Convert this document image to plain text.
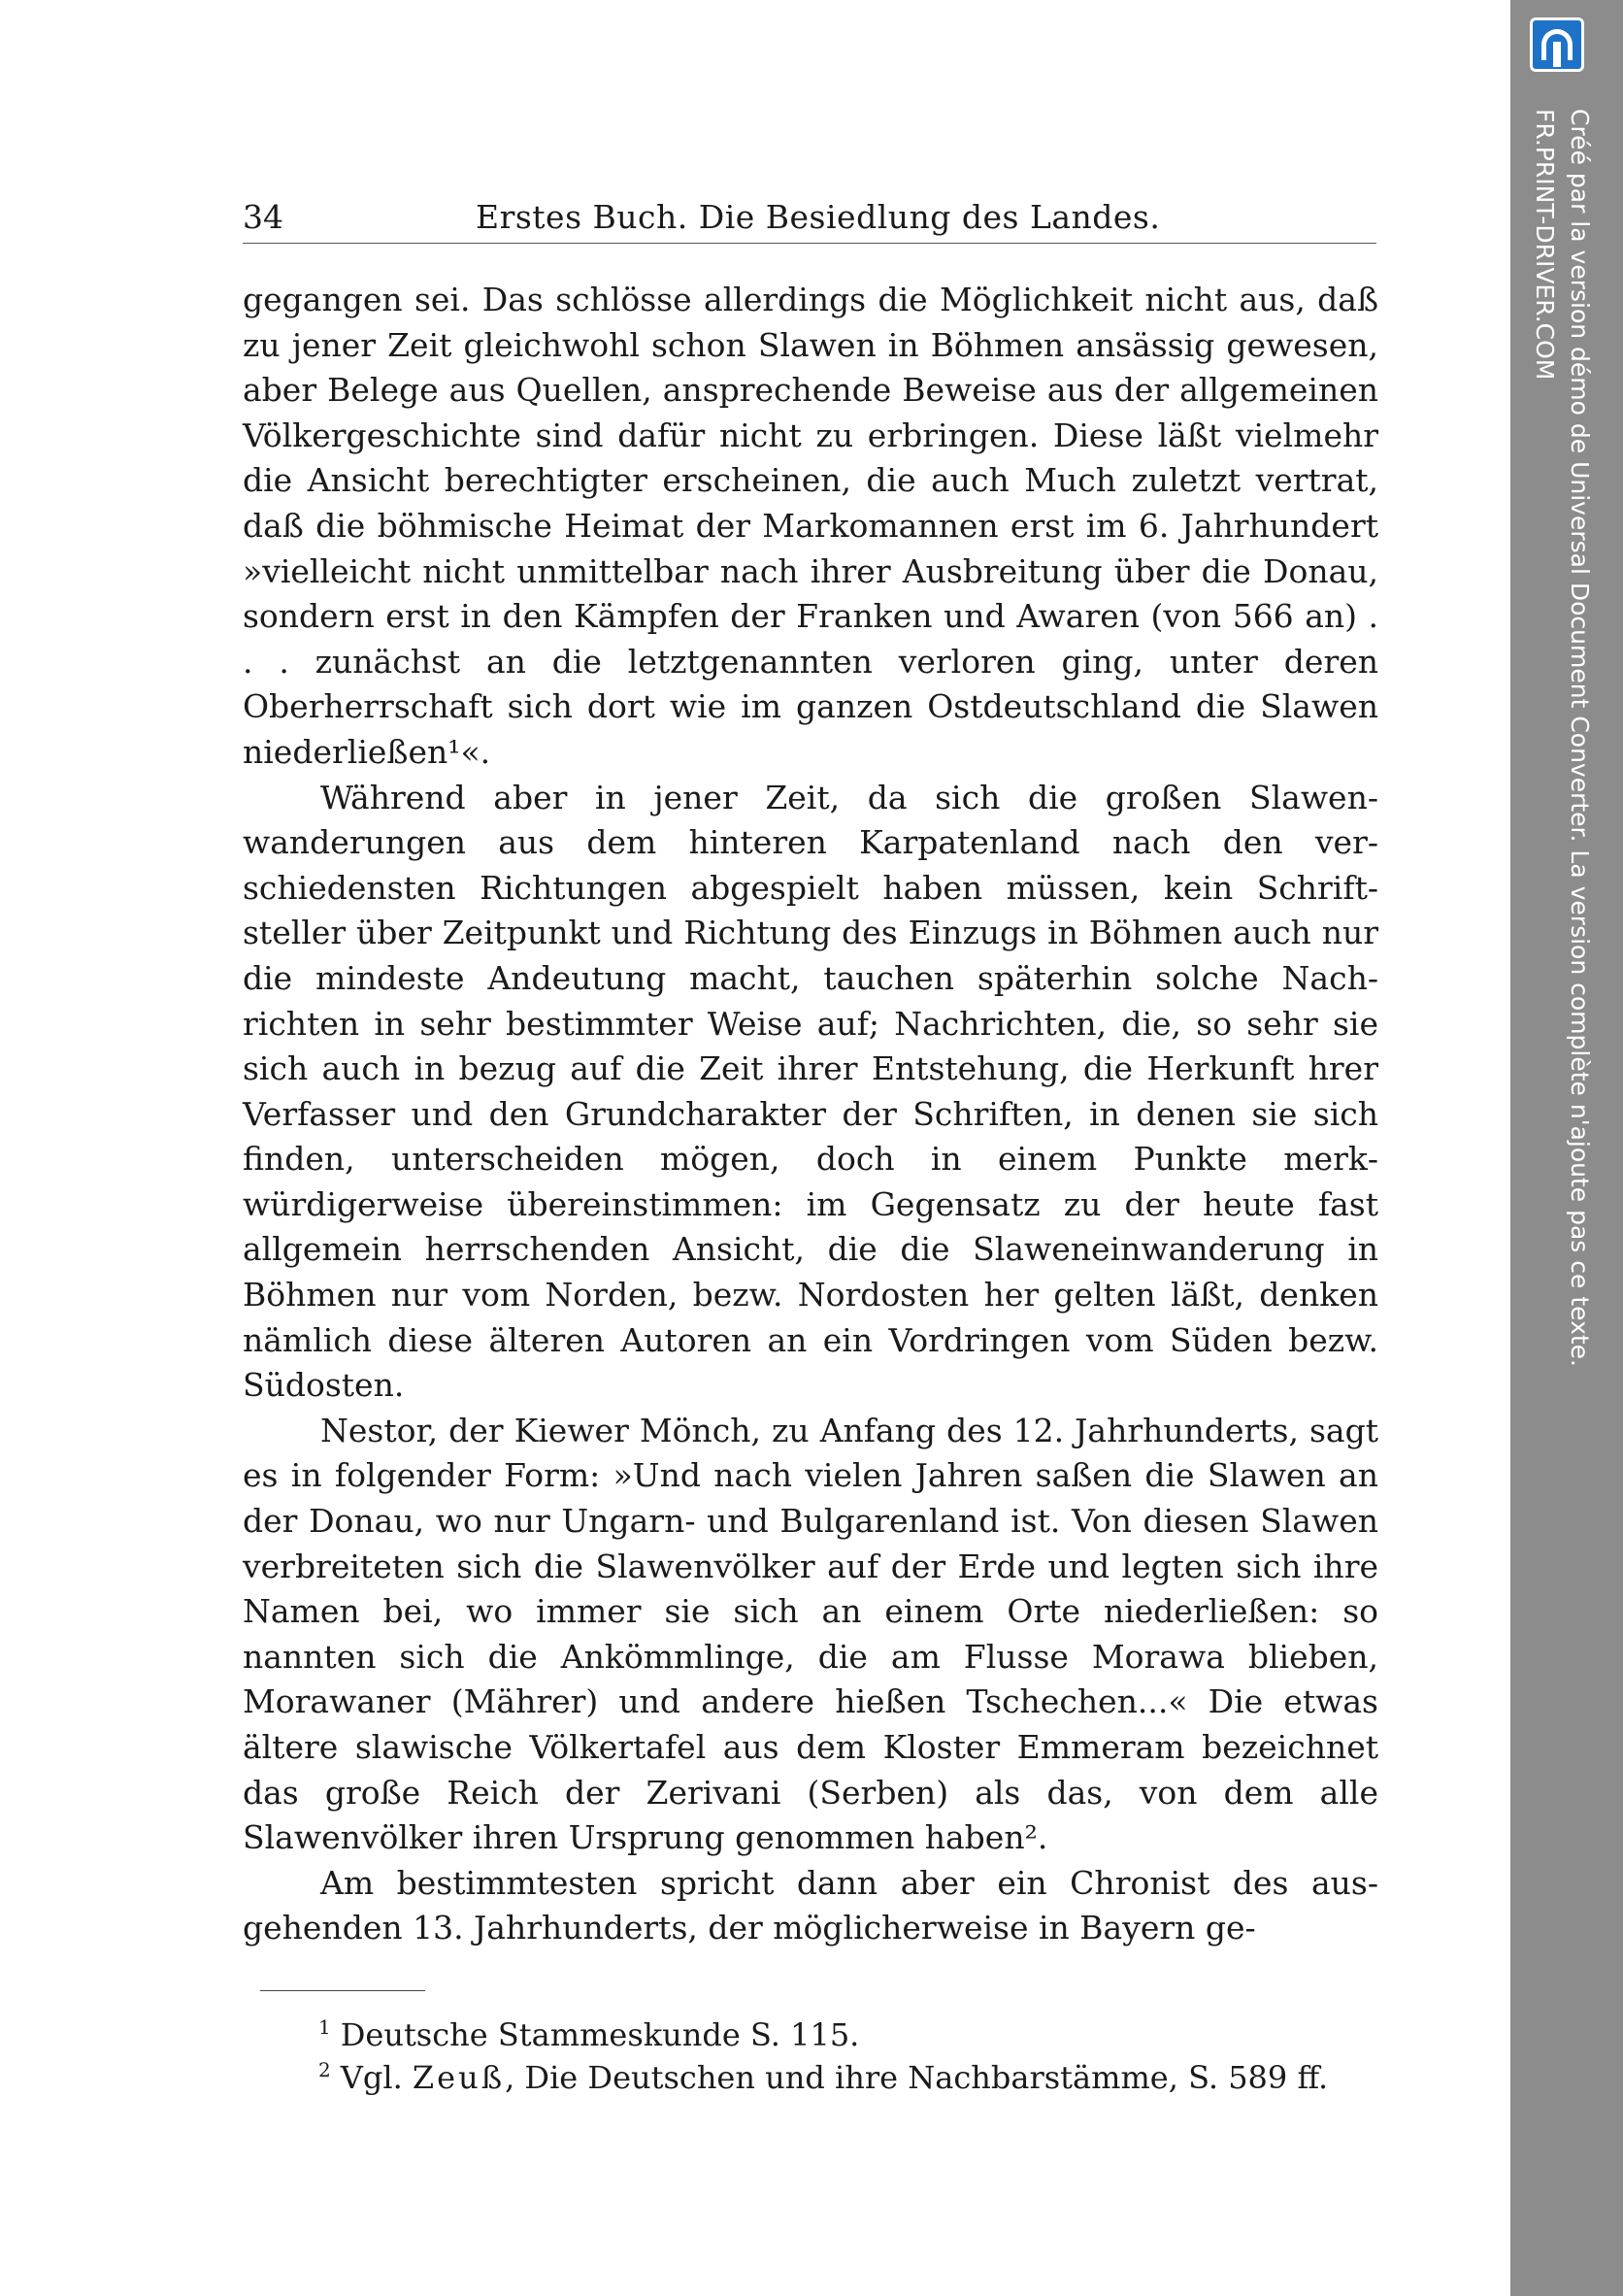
34	Erstes Buch. Die Besiedlung des Landes.

gegangen sei. Das schlösse allerdings die Möglichkeit nicht aus, daß zu jener Zeit gleichwohl schon Slawen in Böhmen ansässig gewesen, aber Belege aus Quellen, ansprechende Beweise aus der allgemeinen Völkergeschichte sind dafür nicht zu erbringen. Diese läßt vielmehr die Ansicht berechtigter erscheinen, die auch Much zuletzt vertrat, daß die böhmische Heimat der Markomannen erst im 6. Jahrhundert »vielleicht nicht unmittelbar nach ihrer Ausbreitung über die Donau, sondern erst in den Kämpfen der Franken und Awaren (von 566 an) . . . zunächst an die letztgenannten verloren ging, unter deren Oberherrschaft sich dort wie im ganzen Ostdeutschland die Slawen niederließen¹«.

Während aber in jener Zeit, da sich die großen Slawenwanderungen aus dem hinteren Karpatenland nach den verschiedensten Richtungen abgespielt haben müssen, kein Schriftsteller über Zeitpunkt und Richtung des Einzugs in Böhmen auch nur die mindeste Andeutung macht, tauchen späterhin solche Nachrichten in sehr bestimmter Weise auf; Nachrichten, die, so sehr sie sich auch in bezug auf die Zeit ihrer Entstehung, die Herkunft hrer Verfasser und den Grundcharakter der Schriften, in denen sie sich finden, unterscheiden mögen, doch in einem Punkte merkwürdigerweise übereinstimmen: im Gegensatz zu der heute fast allgemein herrschenden Ansicht, die die Slaweneinwanderung in Böhmen nur vom Norden, bezw. Nordosten her gelten läßt, denken nämlich diese älteren Autoren an ein Vordringen vom Süden bezw. Südosten.

Nestor, der Kiewer Mönch, zu Anfang des 12. Jahrhunderts, sagt es in folgender Form: »Und nach vielen Jahren saßen die Slawen an der Donau, wo nur Ungarn- und Bulgarenland ist. Von diesen Slawen verbreiteten sich die Slawenvölker auf der Erde und legten sich ihre Namen bei, wo immer sie sich an einem Orte niederließen: so nannten sich die Ankömmlinge, die am Flusse Morawa blieben, Morawaner (Mährer) und andere hießen Tschechen...« Die etwas ältere slawische Völkertafel aus dem Kloster Emmeram bezeichnet das große Reich der Zerivani (Serben) als das, von dem alle Slawenvölker ihren Ursprung genommen haben².

Am bestimmtesten spricht dann aber ein Chronist des ausgehenden 13. Jahrhunderts, der möglicherweise in Bayern ge-

$^1$ Deutsche Stammeskunde S. 115.

$^2$ Vgl. Zeuß, Die Deutschen und ihre Nachbarstämme, S. 589 ff.

Créé par la version démo de Universal Document Converter. La version complète n'ajoute pas ce texte.
FR.PRINT-DRIVER.COM
